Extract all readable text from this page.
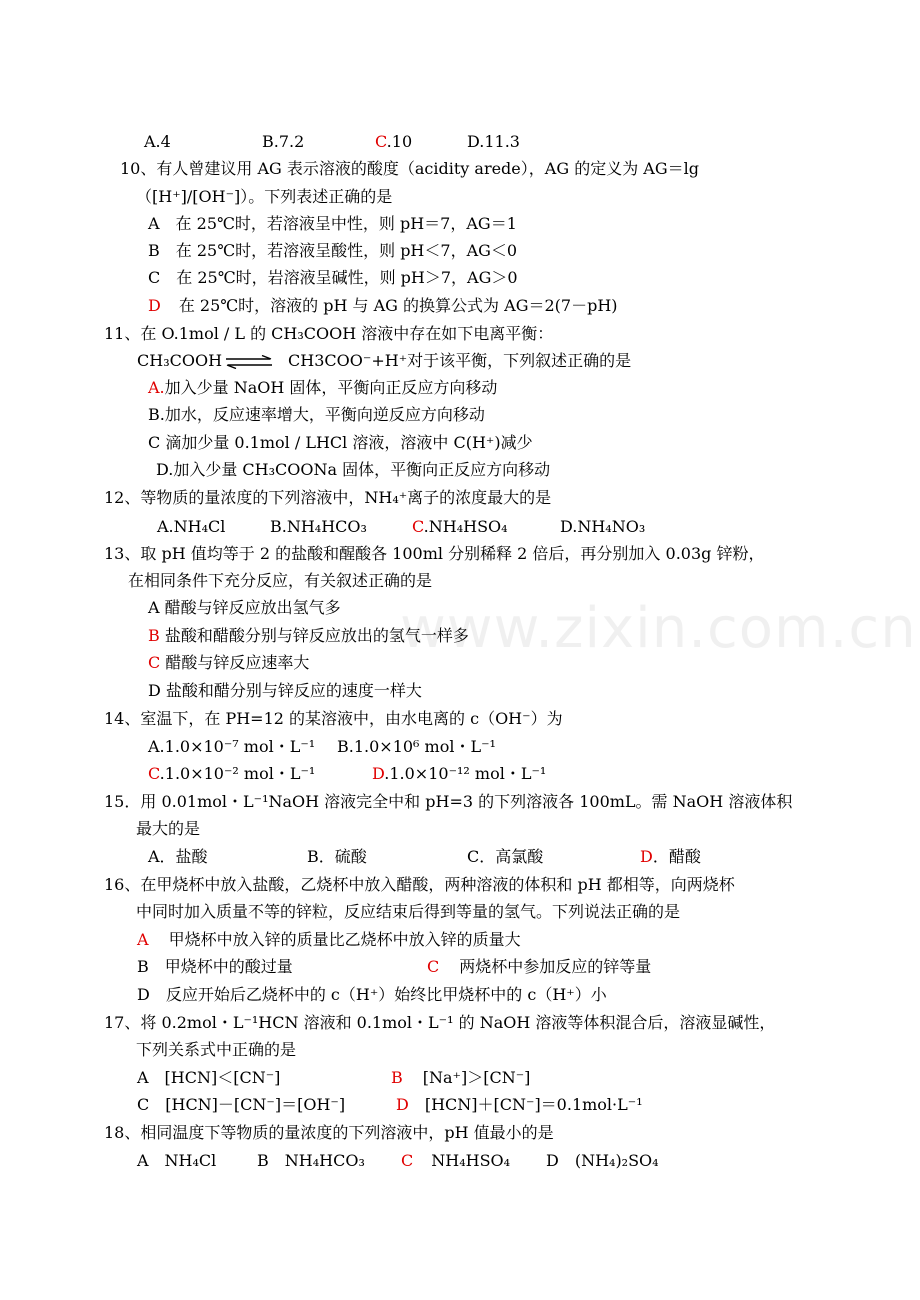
www.zixin.com.cn
A.4	B.7.2	C.10	D.11.3
10、有人曾建议用 AG 表示溶液的酸度（acidity arede），AG 的定义为 AG＝lg
（[H⁺]/[OH⁻]）。下列表述正确的是
A　在 25℃时，若溶液呈中性，则 pH＝7，AG＝1
B　在 25℃时，若溶液呈酸性，则 pH＜7，AG＜0
C　在 25℃时，岩溶液呈碱性，则 pH＞7，AG＞0
D 在 25℃时，溶液的 pH 与 AG 的换算公式为 AG＝2(7－pH)
11、在 O.1mol / L 的 CH₃COOH 溶液中存在如下电离平衡：
CH₃COOH ⇌ CH3COO⁻+H⁺对于该平衡，下列叙述正确的是
A.加入少量 NaOH 固体，平衡向正反应方向移动
B.加水，反应速率增大，平衡向逆反应方向移动
C 滴加少量 0.1mol / LHCl 溶液，溶液中 C(H⁺)减少
D.加入少量 CH₃COONa 固体，平衡向正反应方向移动
12、等物质的量浓度的下列溶液中，NH₄⁺离子的浓度最大的是
A.NH₄Cl	B.NH₄HCO₃	C.NH₄HSO₄	D.NH₄NO₃
13、取 pH 值均等于 2 的盐酸和醒酸各 100ml 分别稀释 2 倍后，再分别加入 0.03g 锌粉，
在相同条件下充分反应，有关叙述正确的是
A 醋酸与锌反应放出氢气多
B 盐酸和醋酸分别与锌反应放出的氢气一样多
C 醋酸与锌反应速率大
D 盐酸和醋分别与锌反应的速度一样大
14、室温下，在 PH=12 的某溶液中，由水电离的 c（OH⁻）为
A.1.0×10⁻⁷ mol・L⁻¹ B.1.0×10⁶ mol・L⁻¹
C.1.0×10⁻² mol・L⁻¹	D.1.0×10⁻¹² mol・L⁻¹
15．用 0.01mol・L⁻¹NaOH 溶液完全中和 pH=3 的下列溶液各 100mL。需 NaOH 溶液体积
最大的是
A．盐酸	B．硫酸	C．高氯酸	D．醋酸
16、在甲烧杯中放入盐酸，乙烧杯中放入醋酸，两种溶液的体积和 pH 都相等，向两烧杯
中同时加入质量不等的锌粒，反应结束后得到等量的氢气。下列说法正确的是
A 甲烧杯中放入锌的质量比乙烧杯中放入锌的质量大
B　甲烧杯中的酸过量	C 两烧杯中参加反应的锌等量
D　反应开始后乙烧杯中的 c（H⁺）始终比甲烧杯中的 c（H⁺）小
17、将 0.2mol・L⁻¹HCN 溶液和 0.1mol・L⁻¹ 的 NaOH 溶液等体积混合后，溶液显碱性，
下列关系式中正确的是
A　[HCN]＜[CN⁻]	B [Na⁺]＞[CN⁻]
C　[HCN]－[CN⁻]＝[OH⁻]	D [HCN]＋[CN⁻]＝0.1mol·L⁻¹
18、相同温度下等物质的量浓度的下列溶液中，pH 值最小的是
A　NH₄Cl	B　NH₄HCO₃ C NH₄HSO₄ D　(NH₄)₂SO₄
